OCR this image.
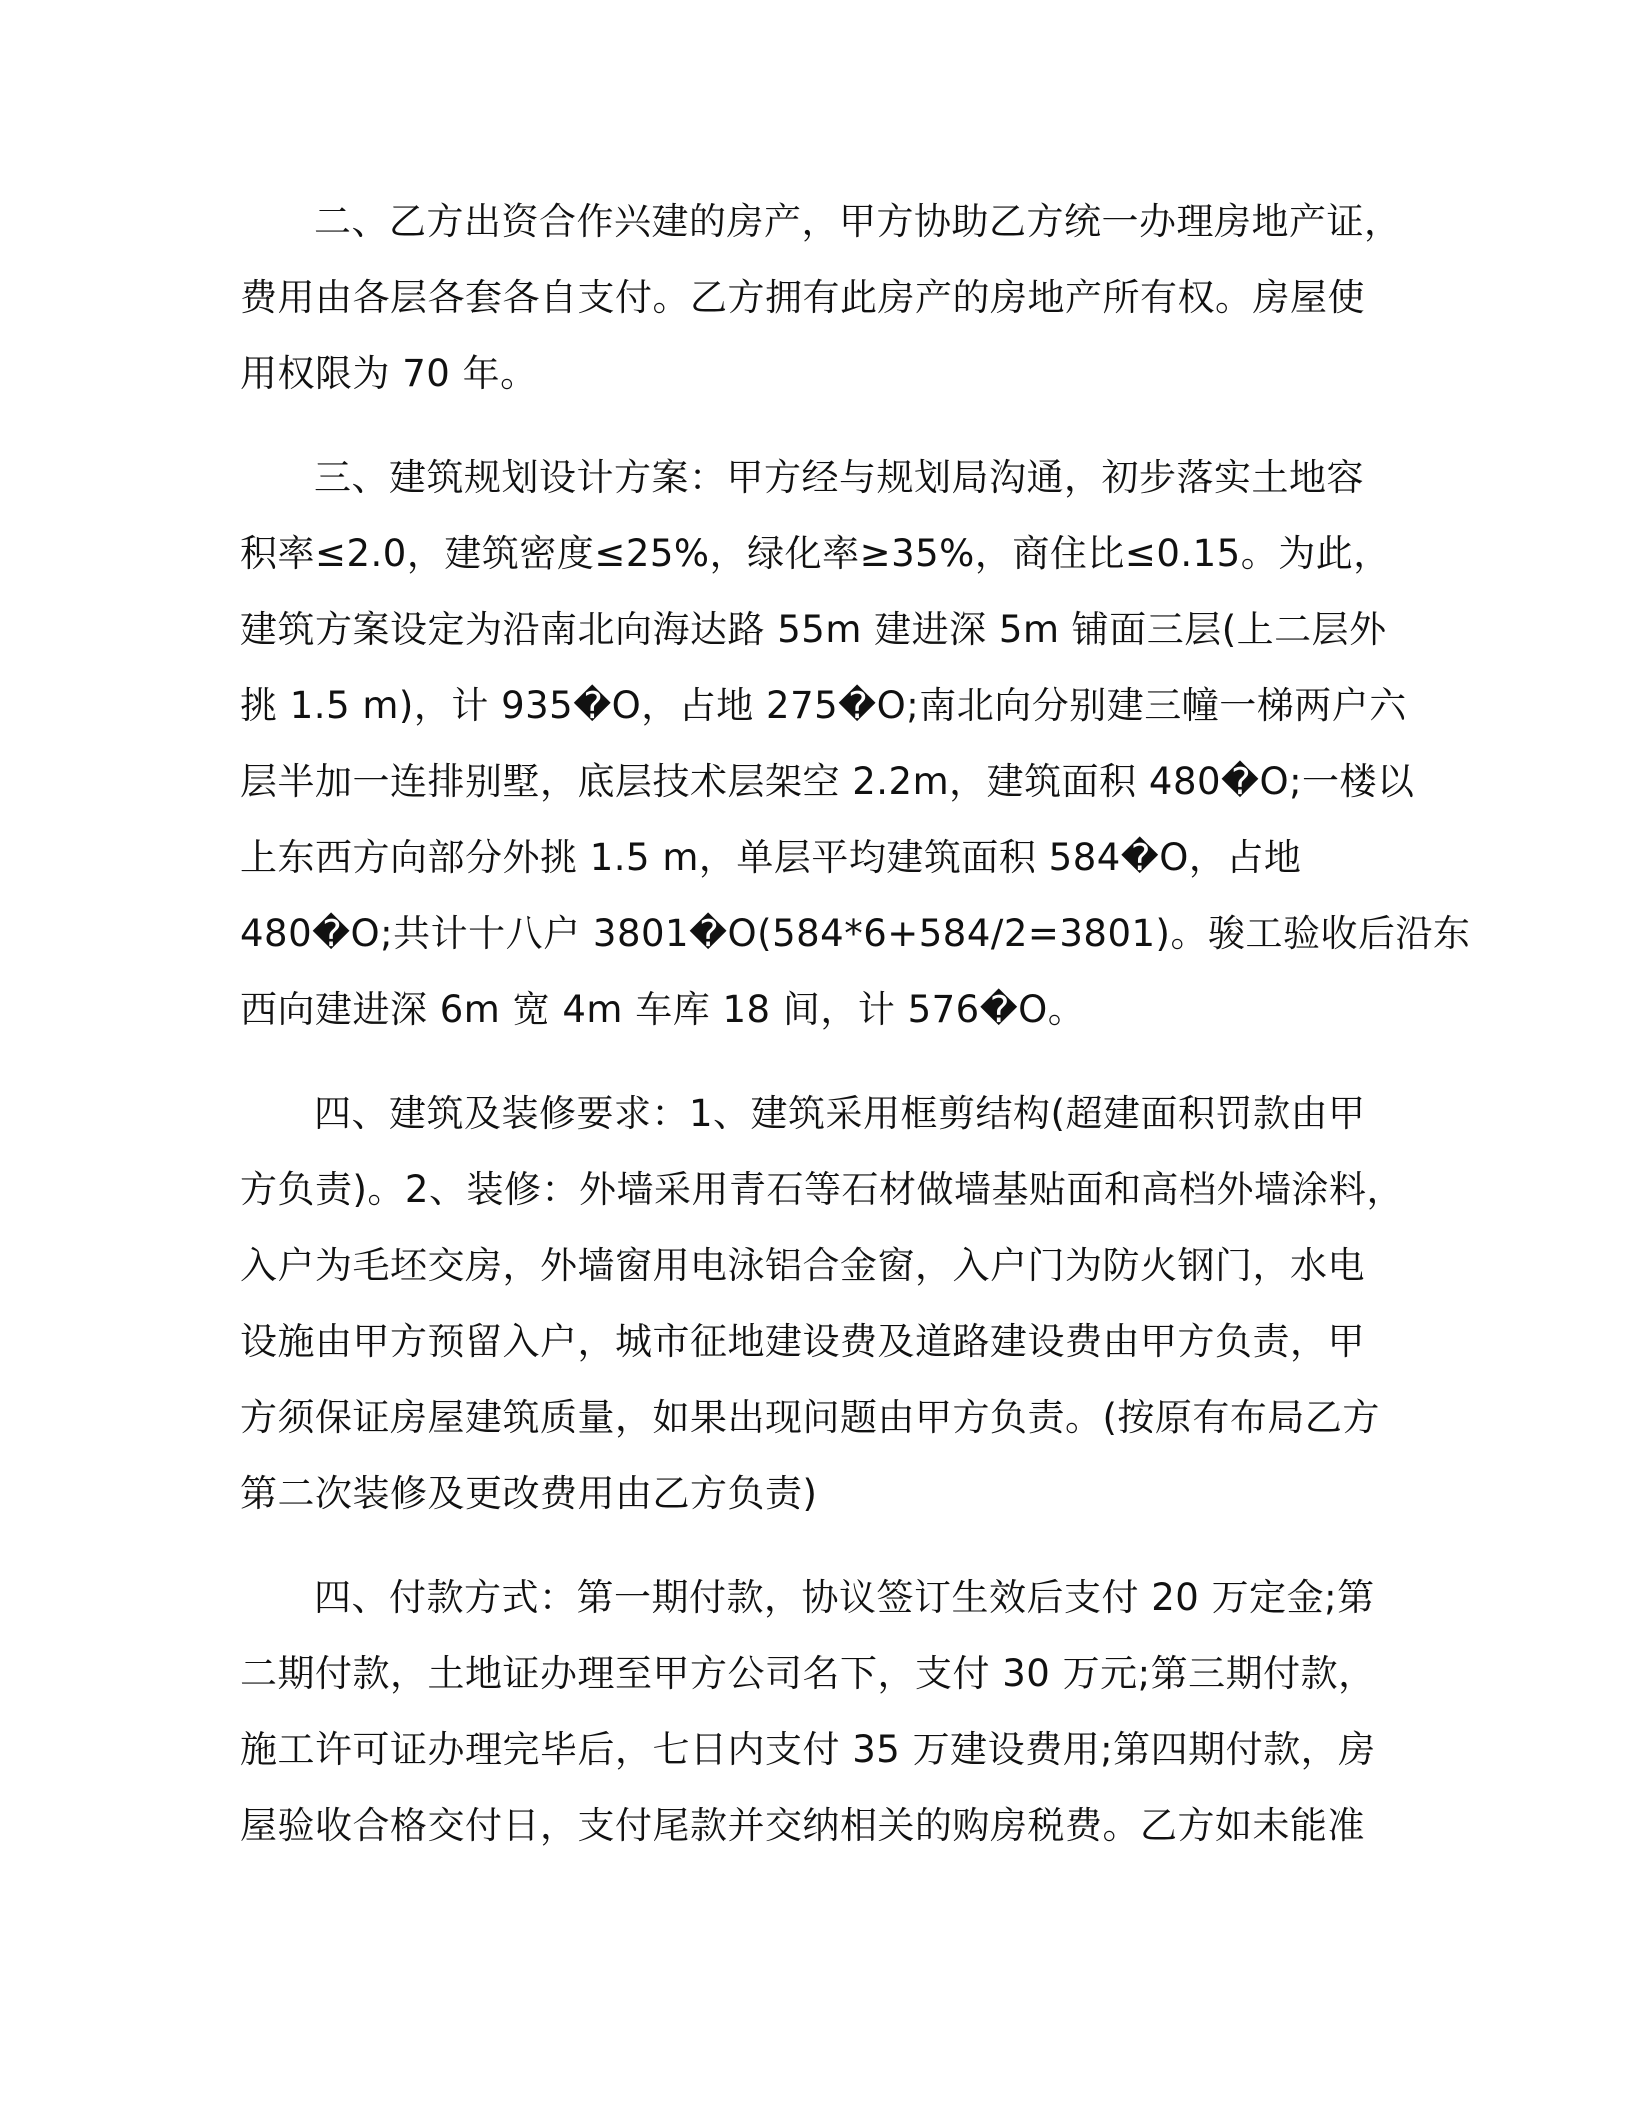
二、乙方出资合作兴建的房产，甲方协助乙方统一办理房地产证，
费用由各层各套各自支付。乙方拥有此房产的房地产所有权。房屋使
用权限为 70 年。
三、建筑规划设计方案：甲方经与规划局沟通，初步落实土地容
积率≤2.0，建筑密度≤25%，绿化率≥35%，商住比≤0.15。为此，
建筑方案设定为沿南北向海达路 55m 建进深 5m 铺面三层(上二层外
挑 1.5 m)，计 935�O，占地 275�O;南北向分别建三幢一梯两户六
层半加一连排别墅，底层技术层架空 2.2m，建筑面积 480�O;一楼以
上东西方向部分外挑 1.5 m，单层平均建筑面积 584�O，占地
480�O;共计十八户 3801�O(584*6+584/2=3801)。骏工验收后沿东
西向建进深 6m 宽 4m 车库 18 间，计 576�O。
四、建筑及装修要求：1、建筑采用框剪结构(超建面积罚款由甲
方负责)。2、装修：外墙采用青石等石材做墙基贴面和高档外墙涂料，
入户为毛坯交房，外墙窗用电泳铝合金窗，入户门为防火钢门，水电
设施由甲方预留入户，城市征地建设费及道路建设费由甲方负责，甲
方须保证房屋建筑质量，如果出现问题由甲方负责。(按原有布局乙方
第二次装修及更改费用由乙方负责)
四、付款方式：第一期付款，协议签订生效后支付 20 万定金;第
二期付款，土地证办理至甲方公司名下，支付 30 万元;第三期付款，
施工许可证办理完毕后，七日内支付 35 万建设费用;第四期付款，房
屋验收合格交付日，支付尾款并交纳相关的购房税费。乙方如未能准
